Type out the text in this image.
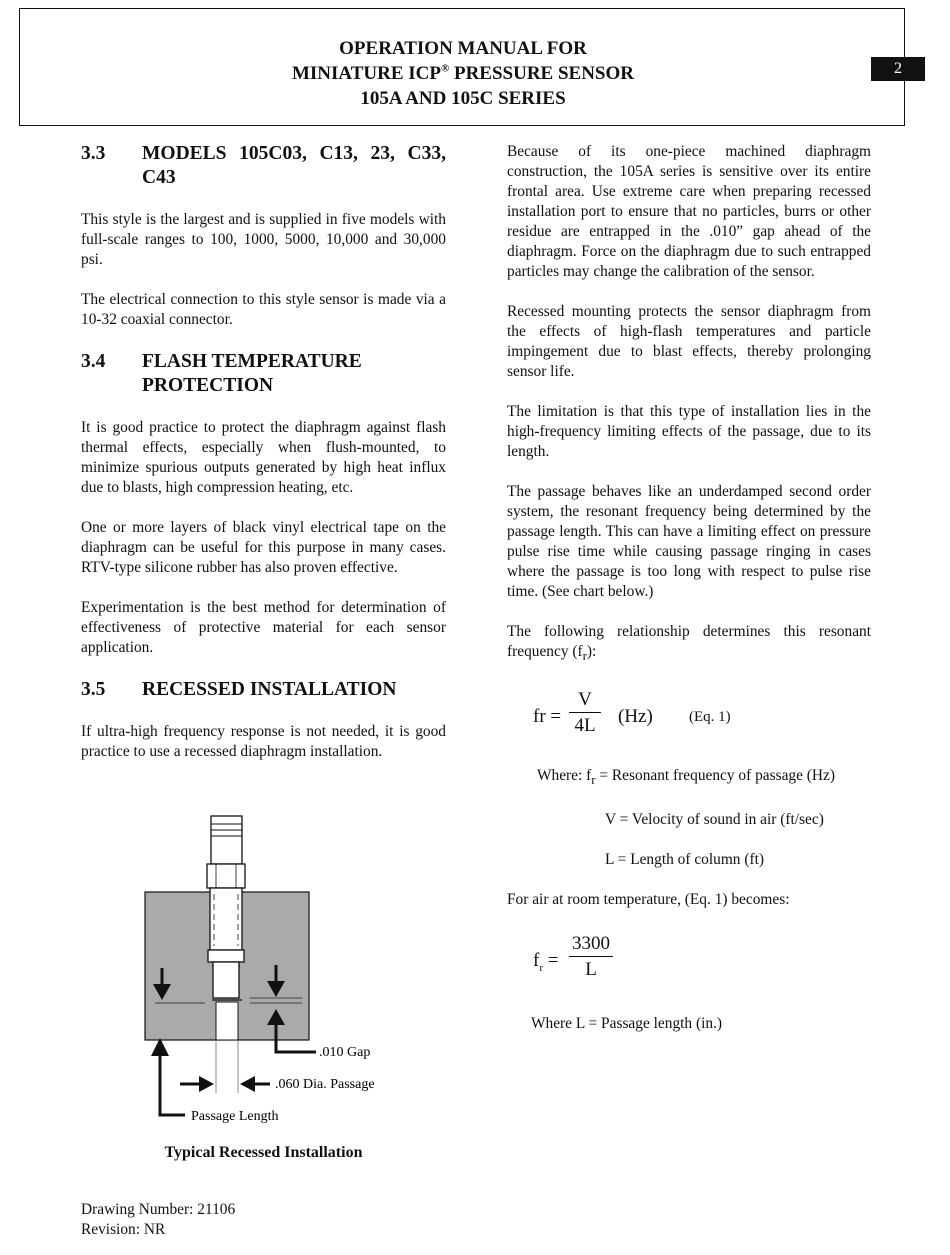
OPERATION MANUAL FOR
MINIATURE ICP® PRESSURE SENSOR
105A AND 105C SERIES
2
3.3 MODELS 105C03, C13, 23, C33, C43

This style is the largest and is supplied in five models with full-scale ranges to 100, 1000, 5000, 10,000 and 30,000 psi.

The electrical connection to this style sensor is made via a 10-32 coaxial connector.

3.4 FLASH TEMPERATURE PROTECTION

It is good practice to protect the diaphragm against flash thermal effects, especially when flush-mounted, to minimize spurious outputs generated by high heat influx due to blasts, high compression heating, etc.

One or more layers of black vinyl electrical tape on the diaphragm can be useful for this purpose in many cases. RTV-type silicone rubber has also proven effective.

Experimentation is the best method for determination of effectiveness of protective material for each sensor application.

3.5 RECESSED INSTALLATION

If ultra-high frequency response is not needed, it is good practice to use a recessed diaphragm installation.

.010 Gap
.060 Dia. Passage
Passage Length
Typical Recessed Installation

Because of its one-piece machined diaphragm construction, the 105A series is sensitive over its entire frontal area. Use extreme care when preparing recessed installation port to ensure that no particles, burrs or other residue are entrapped in the .010” gap ahead of the diaphragm. Force on the diaphragm due to such entrapped particles may change the calibration of the sensor.

Recessed mounting protects the sensor diaphragm from the effects of high-flash temperatures and particle impingement due to blast effects, thereby prolonging sensor life.

The limitation is that this type of installation lies in the high-frequency limiting effects of the passage, due to its length.

The passage behaves like an underdamped second order system, the resonant frequency being determined by the passage length. This can have a limiting effect on pressure pulse rise time while causing passage ringing in cases where the passage is too long with respect to pulse rise time. (See chart below.)

The following relationship determines this resonant frequency $(f_r)$:

fr =
V
4L (Hz) (Eq. 1)
Where: $f_r$ = Resonant frequency of passage (Hz)
V = Velocity of sound in air (ft/sec)
L = Length of column (ft)
For air at room temperature, (Eq. 1) becomes:
$f_r$ =
3300
L
Where L = Passage length (in.)
Drawing Number: 21106
Revision: NR
